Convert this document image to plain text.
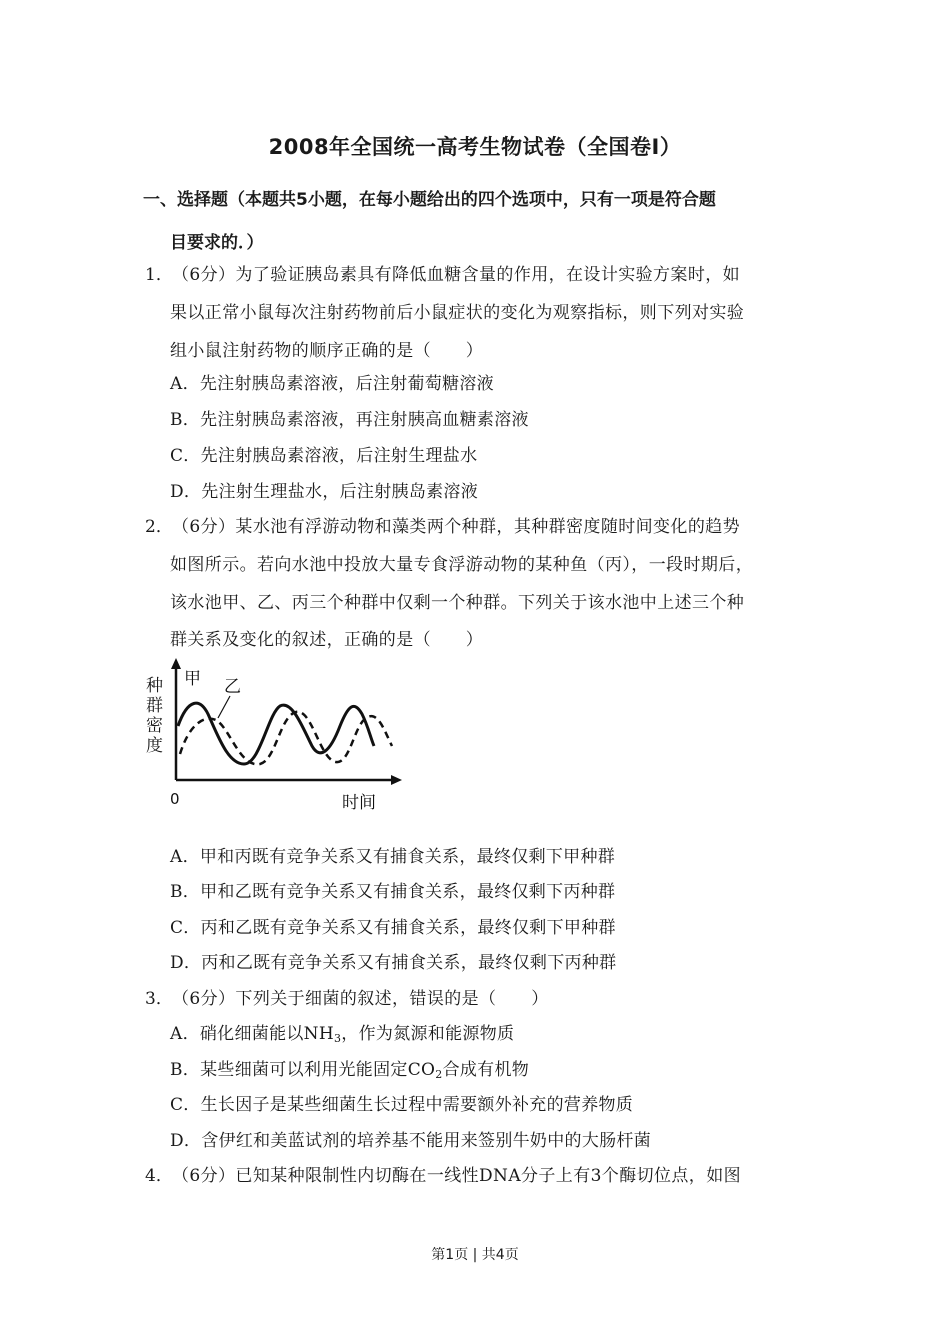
2008年全国统一高考生物试卷（全国卷Ⅰ）
一、选择题（本题共5小题，在每小题给出的四个选项中，只有一项是符合题
目要求的．）
1． （6分）为了验证胰岛素具有降低血糖含量的作用，在设计实验方案时，如
果以正常小鼠每次注射药物前后小鼠症状的变化为观察指标，则下列对实验
组小鼠注射药物的顺序正确的是（　　）
A．先注射胰岛素溶液，后注射葡萄糖溶液
B．先注射胰岛素溶液，再注射胰高血糖素溶液
C．先注射胰岛素溶液，后注射生理盐水
D．先注射生理盐水，后注射胰岛素溶液
2． （6分）某水池有浮游动物和藻类两个种群，其种群密度随时间变化的趋势
如图所示。若向水池中投放大量专食浮游动物的某种鱼（丙），一段时期后，
该水池甲、乙、丙三个种群中仅剩一个种群。下列关于该水池中上述三个种
群关系及变化的叙述，正确的是（　　）
甲 乙
0	时间
种群密度
A．甲和丙既有竞争关系又有捕食关系，最终仅剩下甲种群
B．甲和乙既有竞争关系又有捕食关系，最终仅剩下丙种群
C．丙和乙既有竞争关系又有捕食关系，最终仅剩下甲种群
D．丙和乙既有竞争关系又有捕食关系，最终仅剩下丙种群
3． （6分）下列关于细菌的叙述，错误的是（　　）
A．硝化细菌能以$NH_3$，作为氮源和能源物质
B．某些细菌可以利用光能固定$CO_2$合成有机物
C．生长因子是某些细菌生长过程中需要额外补充的营养物质
D．含伊红和美蓝试剂的培养基不能用来签别牛奶中的大肠杆菌
4． （6分）已知某种限制性内切酶在一线性DNA分子上有3个酶切位点，如图
第1页 | 共4页
